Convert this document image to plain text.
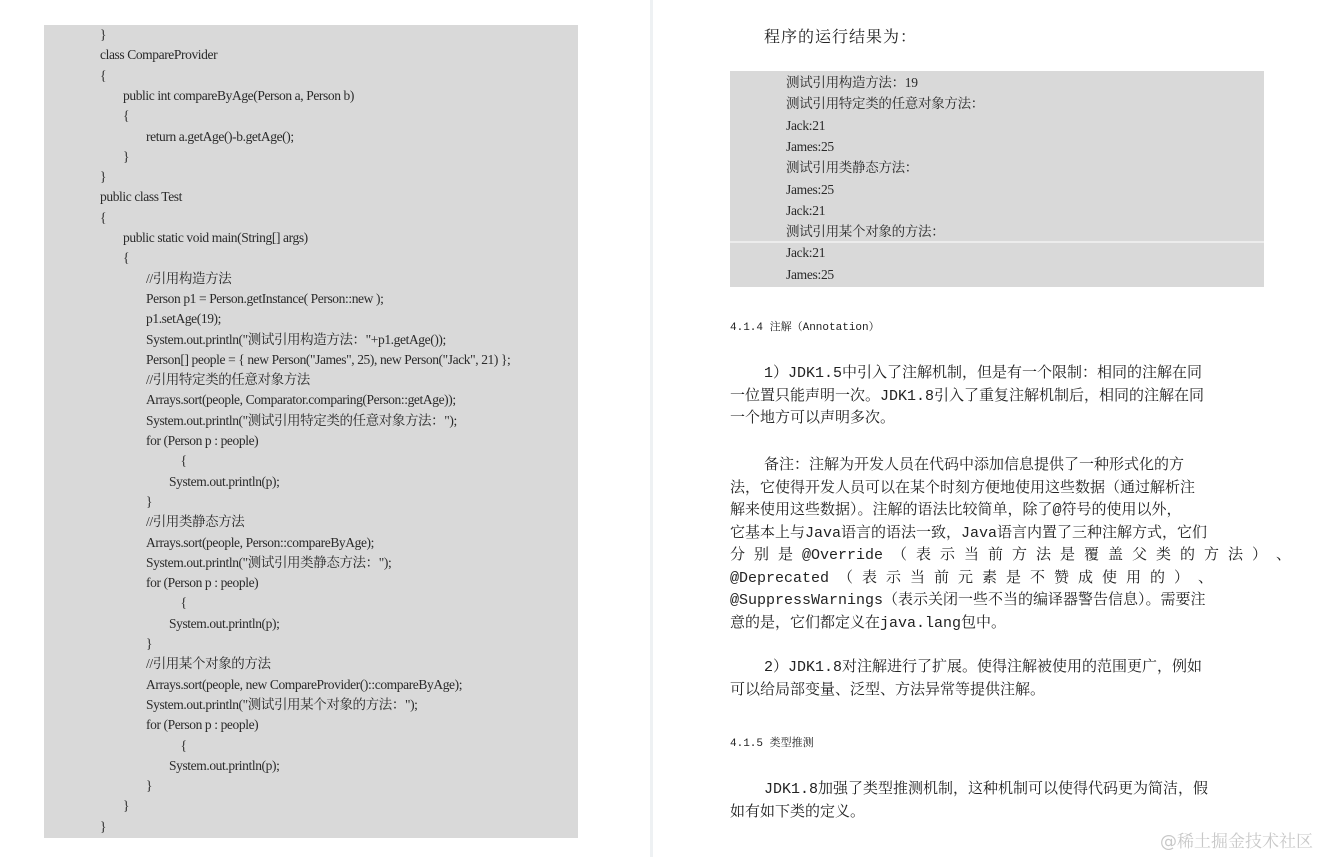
}
class CompareProvider
{
public int compareByAge(Person a, Person b)
{
return a.getAge()-b.getAge();
}
}
public class Test
{
public static void main(String[] args)
{
//引用构造方法
Person p1 = Person.getInstance( Person::new );
p1.setAge(19);
System.out.println("测试引用构造方法："+p1.getAge());
Person[] people = { new Person("James", 25), new Person("Jack", 21) };
//引用特定类的任意对象方法
Arrays.sort(people, Comparator.comparing(Person::getAge));
System.out.println("测试引用特定类的任意对象方法：");
for (Person p : people)
{
System.out.println(p);
}
//引用类静态方法
Arrays.sort(people, Person::compareByAge);
System.out.println("测试引用类静态方法：");
for (Person p : people)
{
System.out.println(p);
}
//引用某个对象的方法
Arrays.sort(people, new CompareProvider()::compareByAge);
System.out.println("测试引用某个对象的方法：");
for (Person p : people)
{
System.out.println(p);
}
}
}
程序的运行结果为：
测试引用构造方法：19
测试引用特定类的任意对象方法：
Jack:21
James:25
测试引用类静态方法：
James:25
Jack:21
测试引用某个对象的方法：
Jack:21
James:25
4.1.4 注解（Annotation）
1）JDK1.5中引入了注解机制，但是有一个限制：相同的注解在同
一位置只能声明一次。JDK1.8引入了重复注解机制后，相同的注解在同
一个地方可以声明多次。
备注：注解为开发人员在代码中添加信息提供了一种形式化的方
法，它使得开发人员可以在某个时刻方便地使用这些数据（通过解析注
解来使用这些数据）。注解的语法比较简单，除了@符号的使用以外，
它基本上与Java语言的语法一致，Java语言内置了三种注解方式，它们
分 别 是 @Override （ 表 示 当 前 方 法 是 覆 盖 父 类 的 方 法 ） 、
@Deprecated （ 表 示 当 前 元 素 是 不 赞 成 使 用 的 ） 、
@SuppressWarnings（表示关闭一些不当的编译器警告信息）。需要注
意的是，它们都定义在java.lang包中。
2）JDK1.8对注解进行了扩展。使得注解被使用的范围更广，例如
可以给局部变量、泛型、方法异常等提供注解。
4.1.5 类型推测
JDK1.8加强了类型推测机制，这种机制可以使得代码更为简洁，假
如有如下类的定义。
@稀土掘金技术社区
